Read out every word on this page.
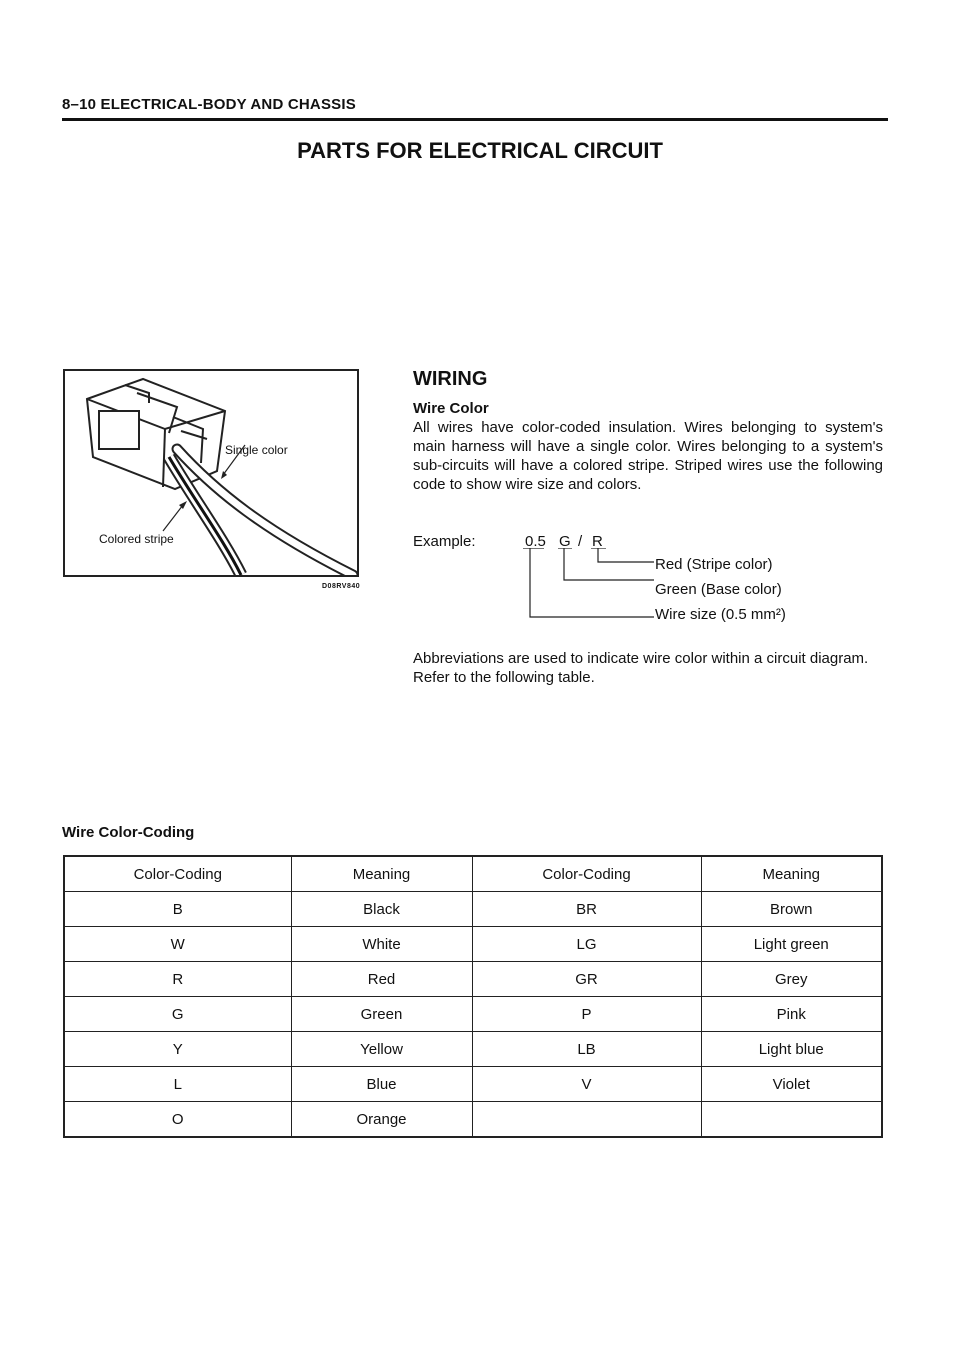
8–10 ELECTRICAL-BODY AND CHASSIS
PARTS FOR ELECTRICAL CIRCUIT
Single color
Colored stripe
D08RV840
WIRING
Wire Color
All wires have color-coded insulation. Wires belonging to system's main harness will have a single color. Wires belonging to a system's sub-circuits will have a colored stripe. Striped wires use the following code to show wire size and colors.
Example:	0.5 G / R
Red (Stripe color)
Green (Base color)
Wire size (0.5 mm²)
Abbreviations are used to indicate wire color within a circuit diagram.
Refer to the following table.
Wire Color-Coding
Color-Coding	Meaning	Color-Coding	Meaning
B	Black	BR	Brown
W	White	LG	Light green
R	Red	GR	Grey
G	Green	P	Pink
Y	Yellow	LB	Light blue
L	Blue	V	Violet
O	Orange		
